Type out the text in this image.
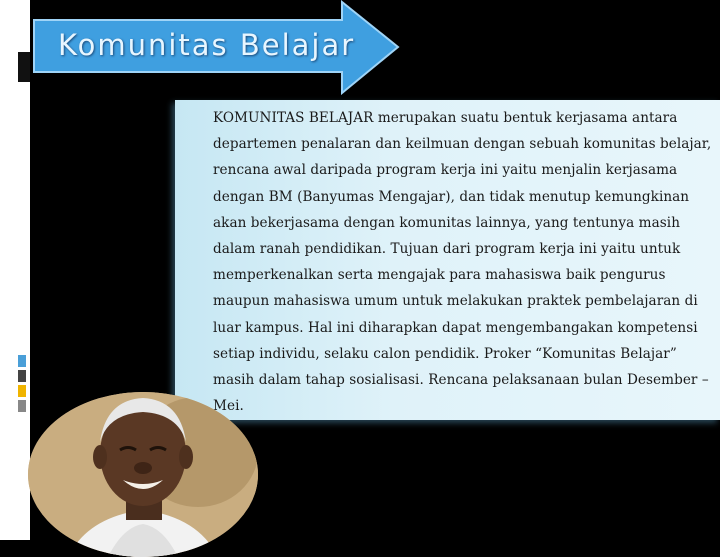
Komunitas Belajar
KOMUNITAS BELAJAR merupakan suatu bentuk kerjasama antara departemen penalaran dan keilmuan dengan sebuah komunitas belajar, rencana awal daripada program kerja ini yaitu menjalin kerjasama dengan BM (Banyumas Mengajar), dan tidak menutup kemungkinan akan bekerjasama dengan komunitas lainnya, yang tentunya masih dalam ranah pendidikan. Tujuan dari program kerja ini yaitu untuk memperkenalkan serta mengajak para mahasiswa baik pengurus maupun mahasiswa umum untuk melakukan praktek pembelajaran di luar kampus. Hal ini diharapkan dapat mengembangakan kompetensi setiap individu, selaku calon pendidik. Proker “Komunitas Belajar” masih dalam tahap sosialisasi. Rencana pelaksanaan bulan Desember – Mei.
